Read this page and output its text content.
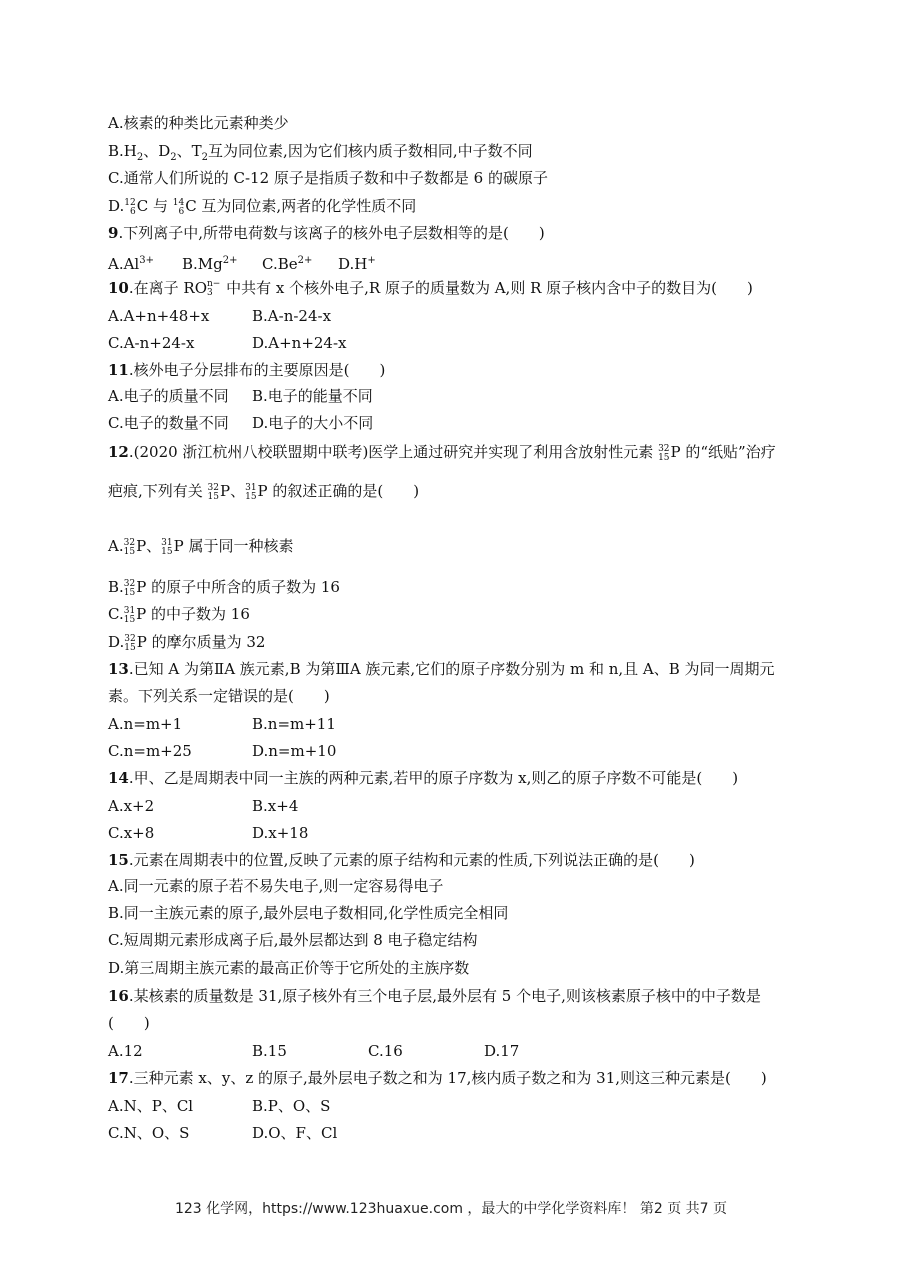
A.核素的种类比元素种类少
$B.H_2$、$D_2$、$T_2$互为同位素,因为它们核内质子数相同,中子数不同
C.通常人们所说的 C-12 原子是指质子数和中子数都是 6 的碳原子
D. 12
6 C 与 14
6 C 互为同位素,两者的化学性质不同
9.下列离子中,所带电荷数与该离子的核外电子层数相等的是(　　)
$A.Al^{3+}$ $B.Mg^{2+}$ $C.Be^{2+}$ D.H+
10.在离子 RO n−
3 中共有 x 个核外电子,R 原子的质量数为 A,则 R 原子核内含中子的数目为(　　)
A.A+n+48+x	B.A-n-24-x
C.A-n+24-x	D.A+n+24-x
11.核外电子分层排布的主要原因是(　　)
A.电子的质量不同 B.电子的能量不同
C.电子的数量不同 D.电子的大小不同
12.(2020 浙江杭州八校联盟期中联考)医学上通过研究并实现了利用含放射性元素 32
15 P 的“纸贴”治疗
疤痕,下列有关 32
15 P、 31
15 P 的叙述正确的是(　　)
A. 32
15 P、 31
15 P 属于同一种核素
B. 32
15 P 的原子中所含的质子数为 16
C. 31
15 P 的中子数为 16
D. 32
15 P 的摩尔质量为 32
13.已知 A 为第ⅡA 族元素,B 为第ⅢA 族元素,它们的原子序数分别为 m 和 n,且 A、B 为同一周期元
素。下列关系一定错误的是(　　)
A.n=m+1	B.n=m+11
C.n=m+25	D.n=m+10
14.甲、乙是周期表中同一主族的两种元素,若甲的原子序数为 x,则乙的原子序数不可能是(　　)
A.x+2	B.x+4
C.x+8	D.x+18
15.元素在周期表中的位置,反映了元素的原子结构和元素的性质,下列说法正确的是(　　)
A.同一元素的原子若不易失电子,则一定容易得电子
B.同一主族元素的原子,最外层电子数相同,化学性质完全相同
C.短周期元素形成离子后,最外层都达到 8 电子稳定结构
D.第三周期主族元素的最高正价等于它所处的主族序数
16.某核素的质量数是 31,原子核外有三个电子层,最外层有 5 个电子,则该核素原子核中的中子数是
(　　)
A.12	B.15	C.16	D.17
17.三种元素 x、y、z 的原子,最外层电子数之和为 17,核内质子数之和为 31,则这三种元素是(　　)
A.N、P、Cl	B.P、O、S
C.N、O、S	D.O、F、Cl
123 化学网，https://www.123huaxue.com ，最大的中学化学资料库！ 第2 页 共7 页
